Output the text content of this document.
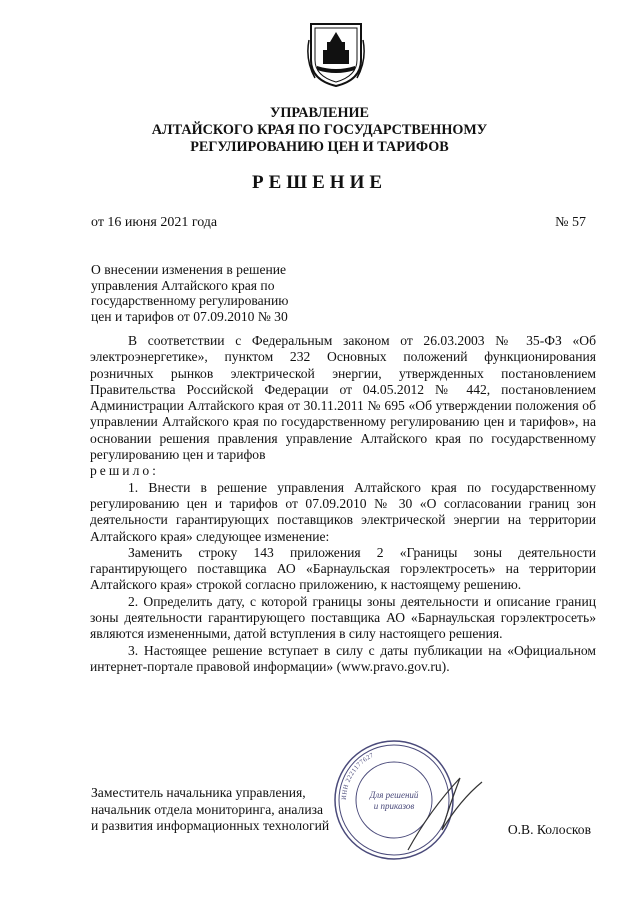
УПРАВЛЕНИЕ
АЛТАЙСКОГО КРАЯ ПО ГОСУДАРСТВЕННОМУ
РЕГУЛИРОВАНИЮ ЦЕН И ТАРИФОВ
РЕШЕНИЕ
от 16 июня 2021 года	№ 57
О внесении изменения в решение
управления Алтайского края по
государственному регулированию
цен и тарифов от 07.09.2010 № 30

В соответствии с Федеральным законом от 26.03.2003 № 35-ФЗ «Об электроэнергетике», пунктом 232 Основных положений функционирования розничных рынков электрической энергии, утвержденных постановлением Правительства Российской Федерации от 04.05.2012 № 442, постановлением Администрации Алтайского края от 30.11.2011 № 695 «Об утверждении положения об управлении Алтайского края по государственному регулированию цен и тарифов», на основании решения правления управление Алтайского края по государственному регулированию цен и тарифов

решило:

1. Внести в решение управления Алтайского края по государственному регулированию цен и тарифов от 07.09.2010 № 30 «О согласовании границ зон деятельности гарантирующих поставщиков электрической энергии на территории Алтайского края» следующее изменение:

Заменить строку 143 приложения 2 «Границы зоны деятельности гарантирующего поставщика АО «Барнаульская горэлектросеть» на территории Алтайского края» строкой согласно приложению, к настоящему решению.

2. Определить дату, с которой границы зоны деятельности и описание границ зоны деятельности гарантирующего поставщика АО «Барнаульская горэлектросеть» являются измененными, датой вступления в силу настоящего решения.

3. Настоящее решение вступает в силу с даты публикации на «Официальном интернет-портале правовой информации» (www.pravo.gov.ru).

Заместитель начальника управления,
начальник отдела мониторинга, анализа
и развития информационных технологий	О.В. Колосков
ИНН 2221177627
Для решений
и приказов
